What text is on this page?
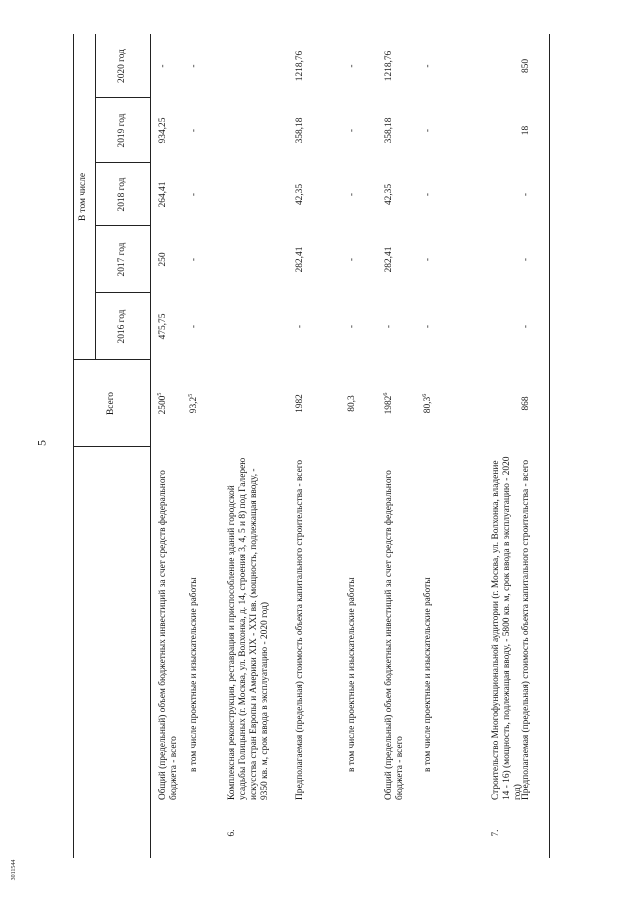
5
3011544
Всего
В том числе
2016 год
2017 год
2018 год
2019 год
2020 год
Общий (предельный) объем бюджетных инвестиций за счет средств федерального бюджета - всего
2500$^5$
475,75
250
264,41
934,25
-
в том числе проектные и изыскательские работы
93,2$^5$
-
-
-
-
-
6.
Комплексная реконструкция, реставрация и приспособление зданий городской усадьбы Голицыных (г. Москва, ул. Волхонка, д. 14, строения 3, 4, 5 и 8) под Галерею искусства стран Европы и Америки XIX - XXI вв. (мощность, подлежащая вводу, - 9350 кв. м, срок ввода в эксплуатацию - 2020 год)	Предполагаемая (предельная) стоимость объекта капитального строительства - всего
1982
-
282,41
42,35
358,18
1218,76
в том числе проектные и изыскательские работы
80,3
-
-
-
-
-
Общий (предельный) объем бюджетных инвестиций за счет средств федерального бюджета - всего
1982$^6$
-
282,41
42,35
358,18
1218,76
в том числе проектные и изыскательские работы
80,3$^6$
-
-
-
-
-
7.
Строительство Многофункциональной аудитории (г. Москва, ул. Волхонка, владение 14 - 16) (мощность, подлежащая вводу, - 5800 кв. м, срок ввода в эксплуатацию - 2020 год)
Предполагаемая (предельная) стоимость объекта капитального строительства - всего
868
-
-
-
18
850
